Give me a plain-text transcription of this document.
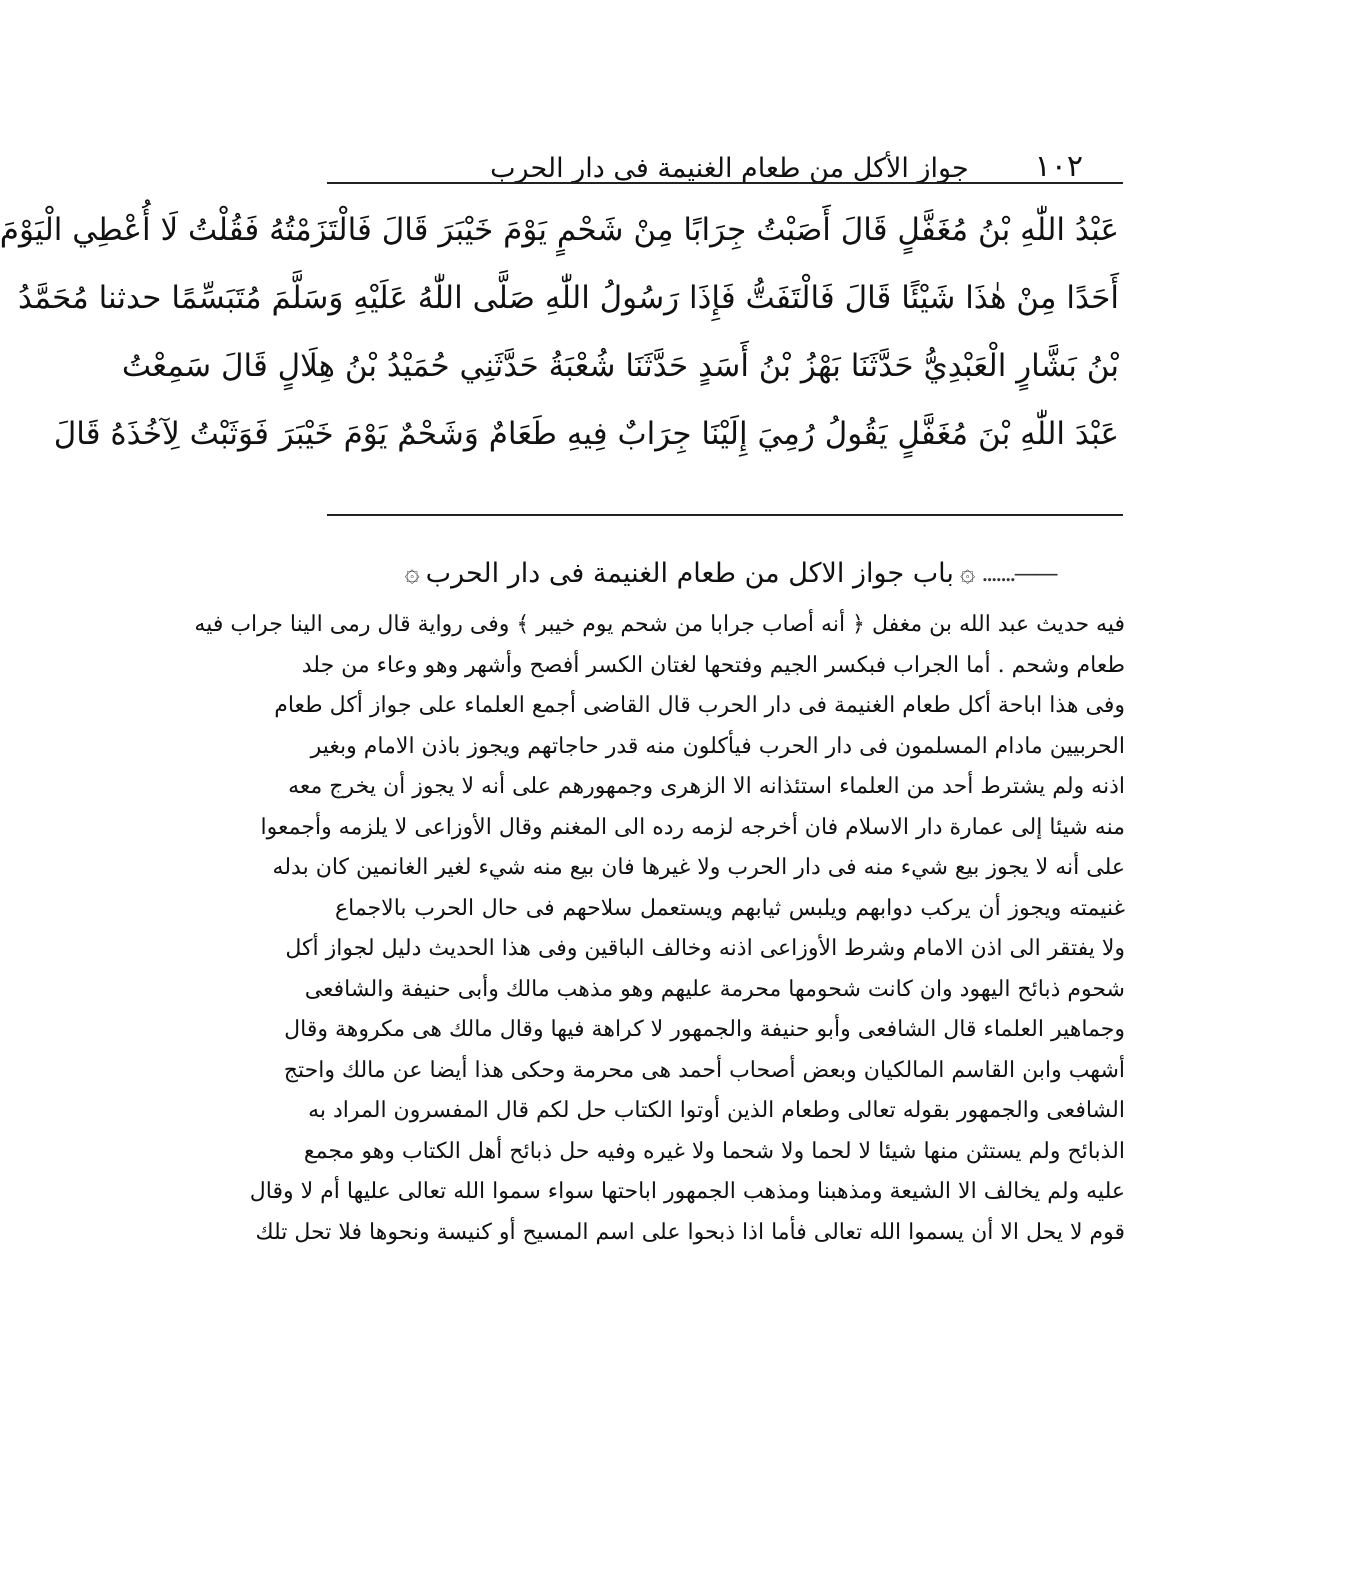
١٠٢
جواز الأكل من طعام الغنيمة فى دار الحرب
عَبْدُ اللّٰهِ بْنُ مُغَفَّلٍ قَالَ أَصَبْتُ جِرَابًا مِنْ شَحْمٍ يَوْمَ خَيْبَرَ قَالَ فَالْتَزَمْتُهُ فَقُلْتُ لَا أُعْطِي الْيَوْمَ
أَحَدًا مِنْ هٰذَا شَيْئًا قَالَ فَالْتَفَتُّ فَإِذَا رَسُولُ اللّٰهِ صَلَّى اللّٰهُ عَلَيْهِ وَسَلَّمَ مُتَبَسِّمًا حدثنا مُحَمَّدُ
بْنُ بَشَّارٍ الْعَبْدِيُّ حَدَّثَنَا بَهْزُ بْنُ أَسَدٍ حَدَّثَنَا شُعْبَةُ حَدَّثَنِي حُمَيْدُ بْنُ هِلَالٍ قَالَ سَمِعْتُ
عَبْدَ اللّٰهِ بْنَ مُغَفَّلٍ يَقُولُ رُمِيَ إِلَيْنَا جِرَابٌ فِيهِ طَعَامٌ وَشَحْمٌ يَوْمَ خَيْبَرَ فَوَثَبْتُ لِآخُذَهُ قَالَ
——.......
۞
باب جواز الاكل من طعام الغنيمة فى دار الحرب
۞
فيه حديث عبد الله بن مغفل ﴿ أنه أصاب جرابا من شحم يوم خيبر ﴾ وفى رواية قال رمى الينا جراب فيه
طعام وشحم . أما الجراب فبكسر الجيم وفتحها لغتان الكسر أفصح وأشهر وهو وعاء من جلد
وفى هذا اباحة أكل طعام الغنيمة فى دار الحرب قال القاضى أجمع العلماء على جواز أكل طعام
الحربيين مادام المسلمون فى دار الحرب فيأكلون منه قدر حاجاتهم ويجوز باذن الامام وبغير
اذنه ولم يشترط أحد من العلماء استئذانه الا الزهرى وجمهورهم على أنه لا يجوز أن يخرج معه
منه شيئا إلى عمارة دار الاسلام فان أخرجه لزمه رده الى المغنم وقال الأوزاعى لا يلزمه وأجمعوا
على أنه لا يجوز بيع شيء منه فى دار الحرب ولا غيرها فان بيع منه شيء لغير الغانمين كان بدله
غنيمته ويجوز أن يركب دوابهم ويلبس ثيابهم ويستعمل سلاحهم فى حال الحرب بالاجماع
ولا يفتقر الى اذن الامام وشرط الأوزاعى اذنه وخالف الباقين وفى هذا الحديث دليل لجواز أكل
شحوم ذبائح اليهود وان كانت شحومها محرمة عليهم وهو مذهب مالك وأبى حنيفة والشافعى
وجماهير العلماء قال الشافعى وأبو حنيفة والجمهور لا كراهة فيها وقال مالك هى مكروهة وقال
أشهب وابن القاسم المالكيان وبعض أصحاب أحمد هى محرمة وحكى هذا أيضا عن مالك واحتج
الشافعى والجمهور بقوله تعالى وطعام الذين أوتوا الكتاب حل لكم قال المفسرون المراد به
الذبائح ولم يستثن منها شيئا لا لحما ولا شحما ولا غيره وفيه حل ذبائح أهل الكتاب وهو مجمع
عليه ولم يخالف الا الشيعة ومذهبنا ومذهب الجمهور اباحتها سواء سموا الله تعالى عليها أم لا وقال
قوم لا يحل الا أن يسموا الله تعالى فأما اذا ذبحوا على اسم المسيح أو كنيسة ونحوها فلا تحل تلك
